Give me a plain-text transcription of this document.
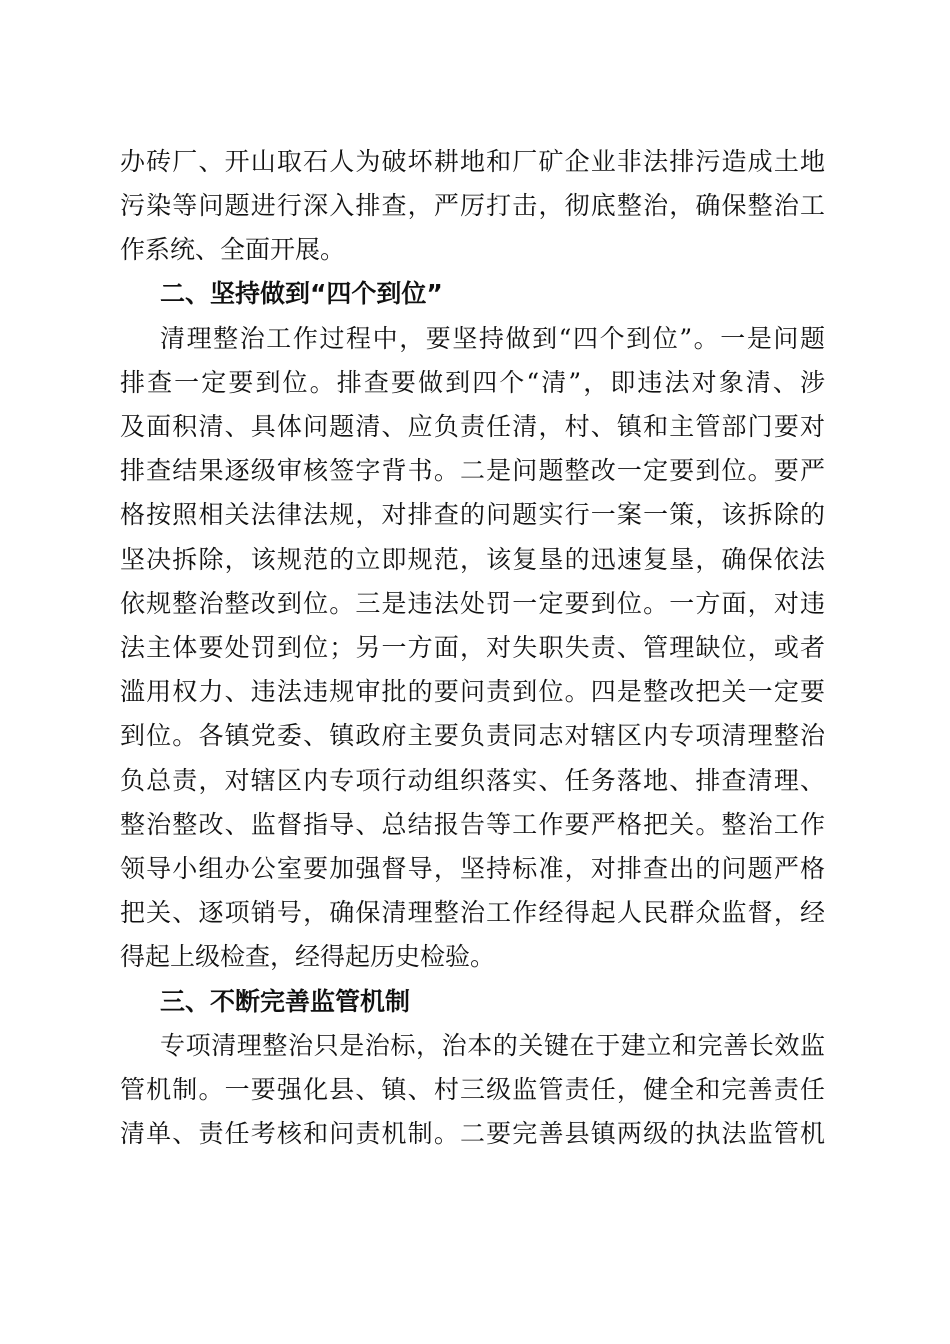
办砖厂、开山取石人为破坏耕地和厂矿企业非法排污造成土地
污染等问题进行深入排查，严厉打击，彻底整治，确保整治工
作系统、全面开展。
二、坚持做到“四个到位”
清理整治工作过程中，要坚持做到“四个到位”。一是问题
排查一定要到位。排查要做到四个“清”，即违法对象清、涉
及面积清、具体问题清、应负责任清，村、镇和主管部门要对
排查结果逐级审核签字背书。二是问题整改一定要到位。要严
格按照相关法律法规，对排查的问题实行一案一策，该拆除的
坚决拆除，该规范的立即规范，该复垦的迅速复垦，确保依法
依规整治整改到位。三是违法处罚一定要到位。一方面，对违
法主体要处罚到位；另一方面，对失职失责、管理缺位，或者
滥用权力、违法违规审批的要问责到位。四是整改把关一定要
到位。各镇党委、镇政府主要负责同志对辖区内专项清理整治
负总责，对辖区内专项行动组织落实、任务落地、排查清理、
整治整改、监督指导、总结报告等工作要严格把关。整治工作
领导小组办公室要加强督导，坚持标准，对排查出的问题严格
把关、逐项销号，确保清理整治工作经得起人民群众监督，经
得起上级检查，经得起历史检验。
三、不断完善监管机制
专项清理整治只是治标，治本的关键在于建立和完善长效监
管机制。一要强化县、镇、村三级监管责任，健全和完善责任
清单、责任考核和问责机制。二要完善县镇两级的执法监管机
